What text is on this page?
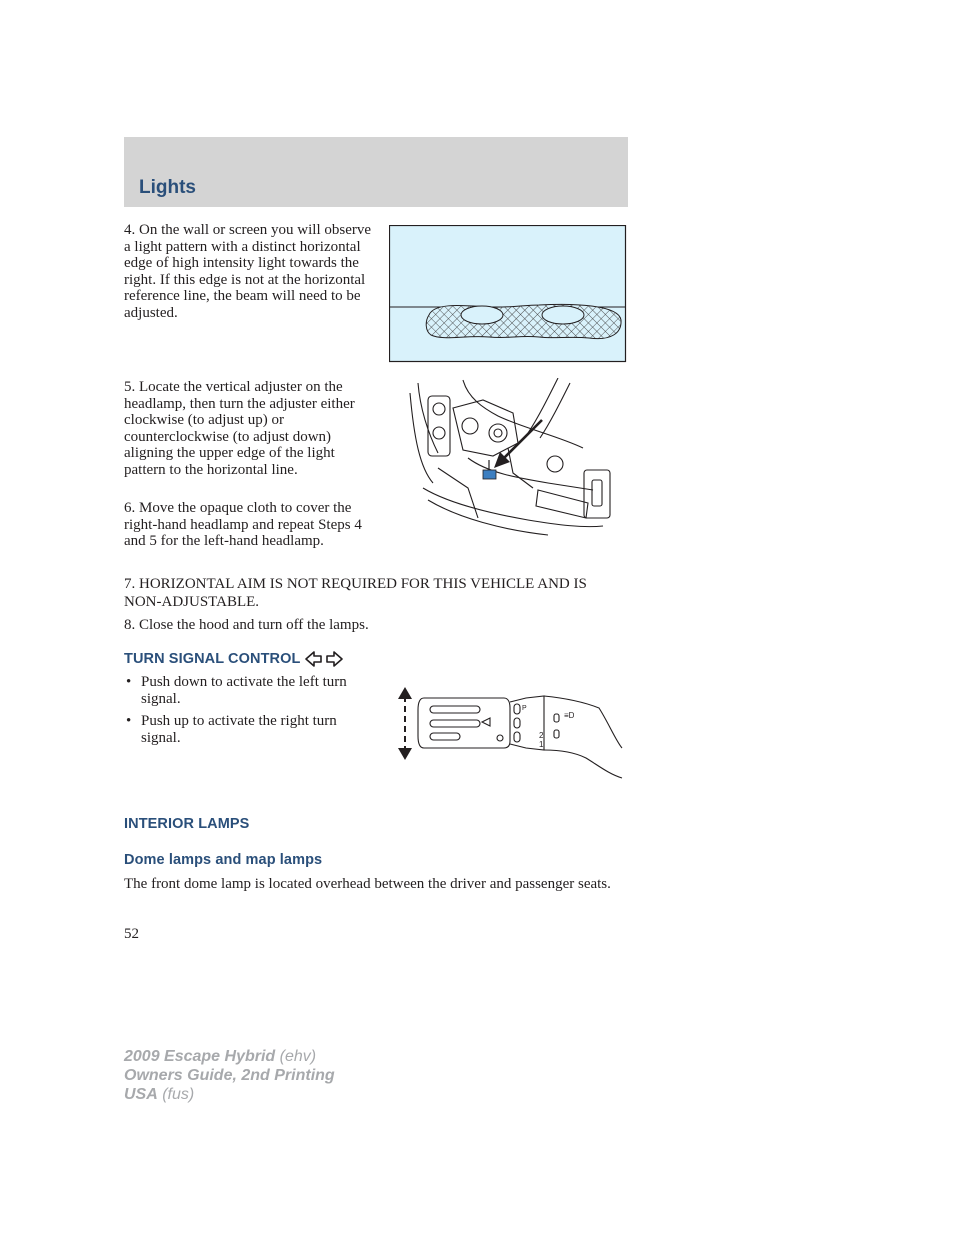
Lights

4. On the wall or screen you will observe a light pattern with a distinct horizontal edge of high intensity light towards the right. If this edge is not at the horizontal reference line, the beam will need to be adjusted.

5. Locate the vertical adjuster on the headlamp, then turn the adjuster either clockwise (to adjust up) or counterclockwise (to adjust down) aligning the upper edge of the light pattern to the horizontal line.

6. Move the opaque cloth to cover the right-hand headlamp and repeat Steps 4 and 5 for the left-hand headlamp.

7. HORIZONTAL AIM IS NOT REQUIRED FOR THIS VEHICLE AND IS NON-ADJUSTABLE.

8. Close the hood and turn off the lamps.

TURN SIGNAL CONTROL
• Push down to activate the left turn signal.
• Push up to activate the right turn signal.
P
2
1
≡D
INTERIOR LAMPS
Dome lamps and map lamps

The front dome lamp is located overhead between the driver and passenger seats.

52
2009 Escape Hybrid (ehv)
Owners Guide, 2nd Printing
USA (fus)
